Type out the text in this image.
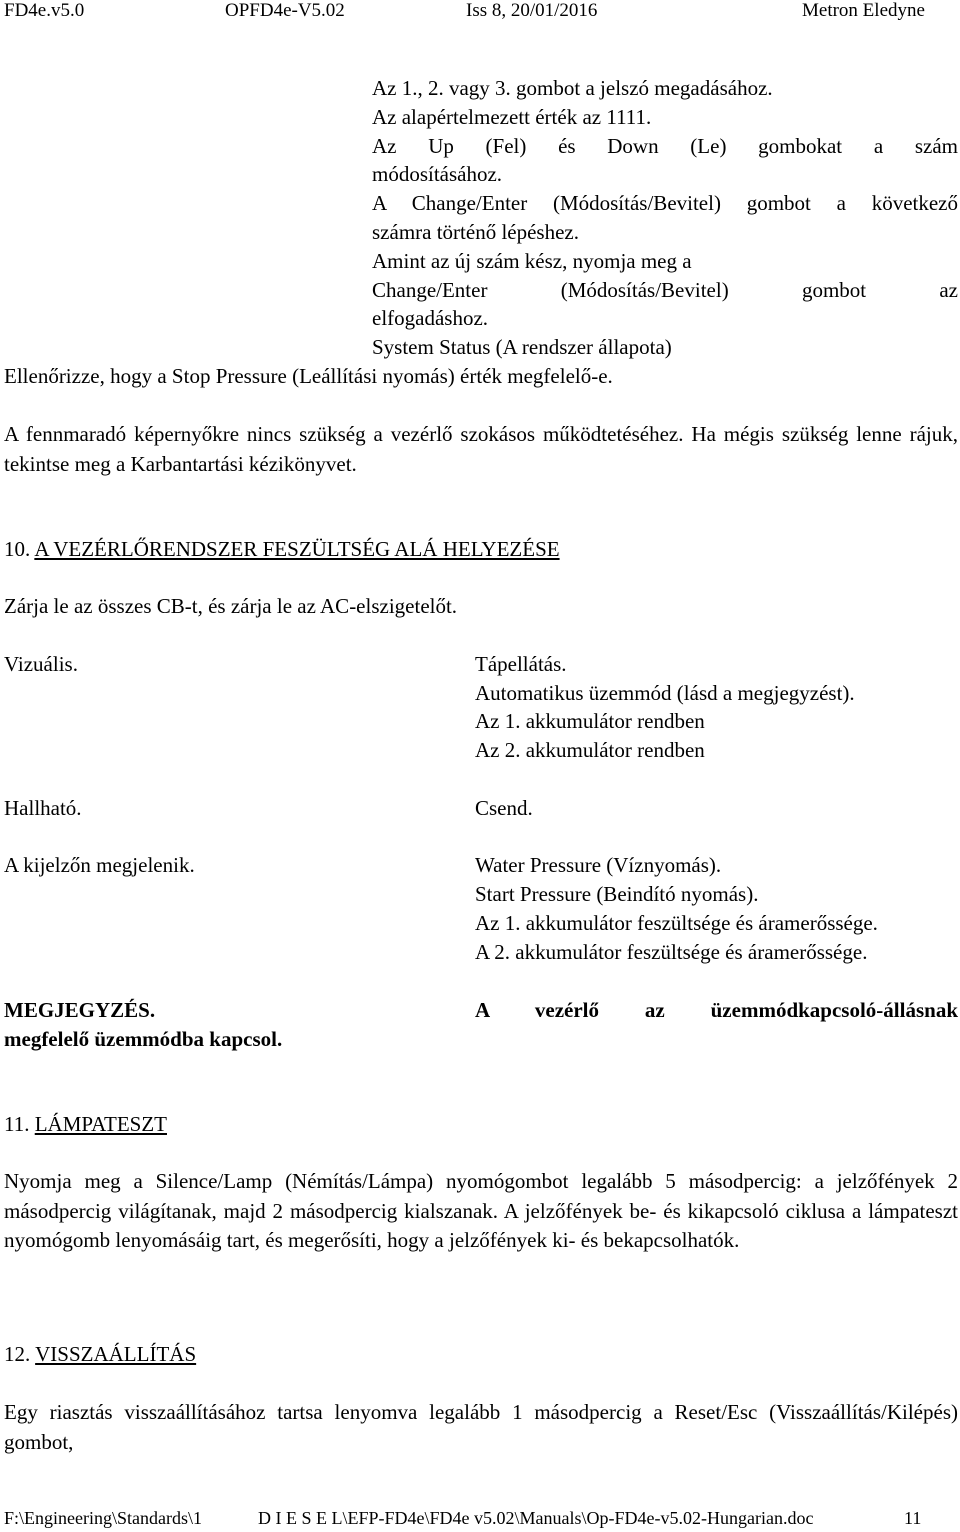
FD4e.v5.0	OPFD4e-V5.02	Iss 8, 20/01/2016	Metron Eledyne
Az 1., 2. vagy 3. gombot a jelszó megadásához.
Az alapértelmezett érték az 1111.
Az Up (Fel) és Down (Le) gombokat a szám
módosításához.
A Change/Enter (Módosítás/Bevitel) gombot a következő
számra történő lépéshez.
Amint az új szám kész, nyomja meg a
Change/Enter (Módosítás/Bevitel) gombot az
elfogadáshoz.
System Status (A rendszer állapota)
Ellenőrizze, hogy a Stop Pressure (Leállítási nyomás) érték megfelelő-e.
A fennmaradó képernyőkre nincs szükség a vezérlő szokásos működtetéséhez. Ha mégis szükség lenne rájuk, tekintse meg a Karbantartási kézikönyvet.
10. A VEZÉRLŐRENDSZER FESZÜLTSÉG ALÁ HELYEZÉSE
Zárja le az összes CB-t, és zárja le az AC-elszigetelőt.
Vizuális.	Tápellátás.
Automatikus üzemmód (lásd a megjegyzést).
Az 1. akkumulátor rendben
Az 2. akkumulátor rendben
Hallható.	Csend.
A kijelzőn megjelenik.	Water Pressure (Víznyomás).
Start Pressure (Beindító nyomás).
Az 1. akkumulátor feszültsége és áramerőssége.
A 2. akkumulátor feszültsége és áramerőssége.
MEGJEGYZÉS.	A vezérlő az üzemmódkapcsoló-állásnak
megfelelő üzemmódba kapcsol.
11. LÁMPATESZT
Nyomja meg a Silence/Lamp (Némítás/Lámpa) nyomógombot legalább 5 másodpercig: a jelzőfények 2 másodpercig világítanak, majd 2 másodpercig kialszanak. A jelzőfények be- és kikapcsoló ciklusa a lámpateszt nyomógomb lenyomásáig tart, és megerősíti, hogy a jelzőfények ki- és bekapcsolhatók.
12. VISSZAÁLLÍTÁS
Egy riasztás visszaállításához tartsa lenyomva legalább 1 másodpercig a Reset/Esc (Visszaállítás/Kilépés) gombot,
F:\Engineering\Standards\1	D I E S E L\EFP-FD4e\FD4e v5.02\Manuals\Op-FD4e-v5.02-Hungarian.doc	11
